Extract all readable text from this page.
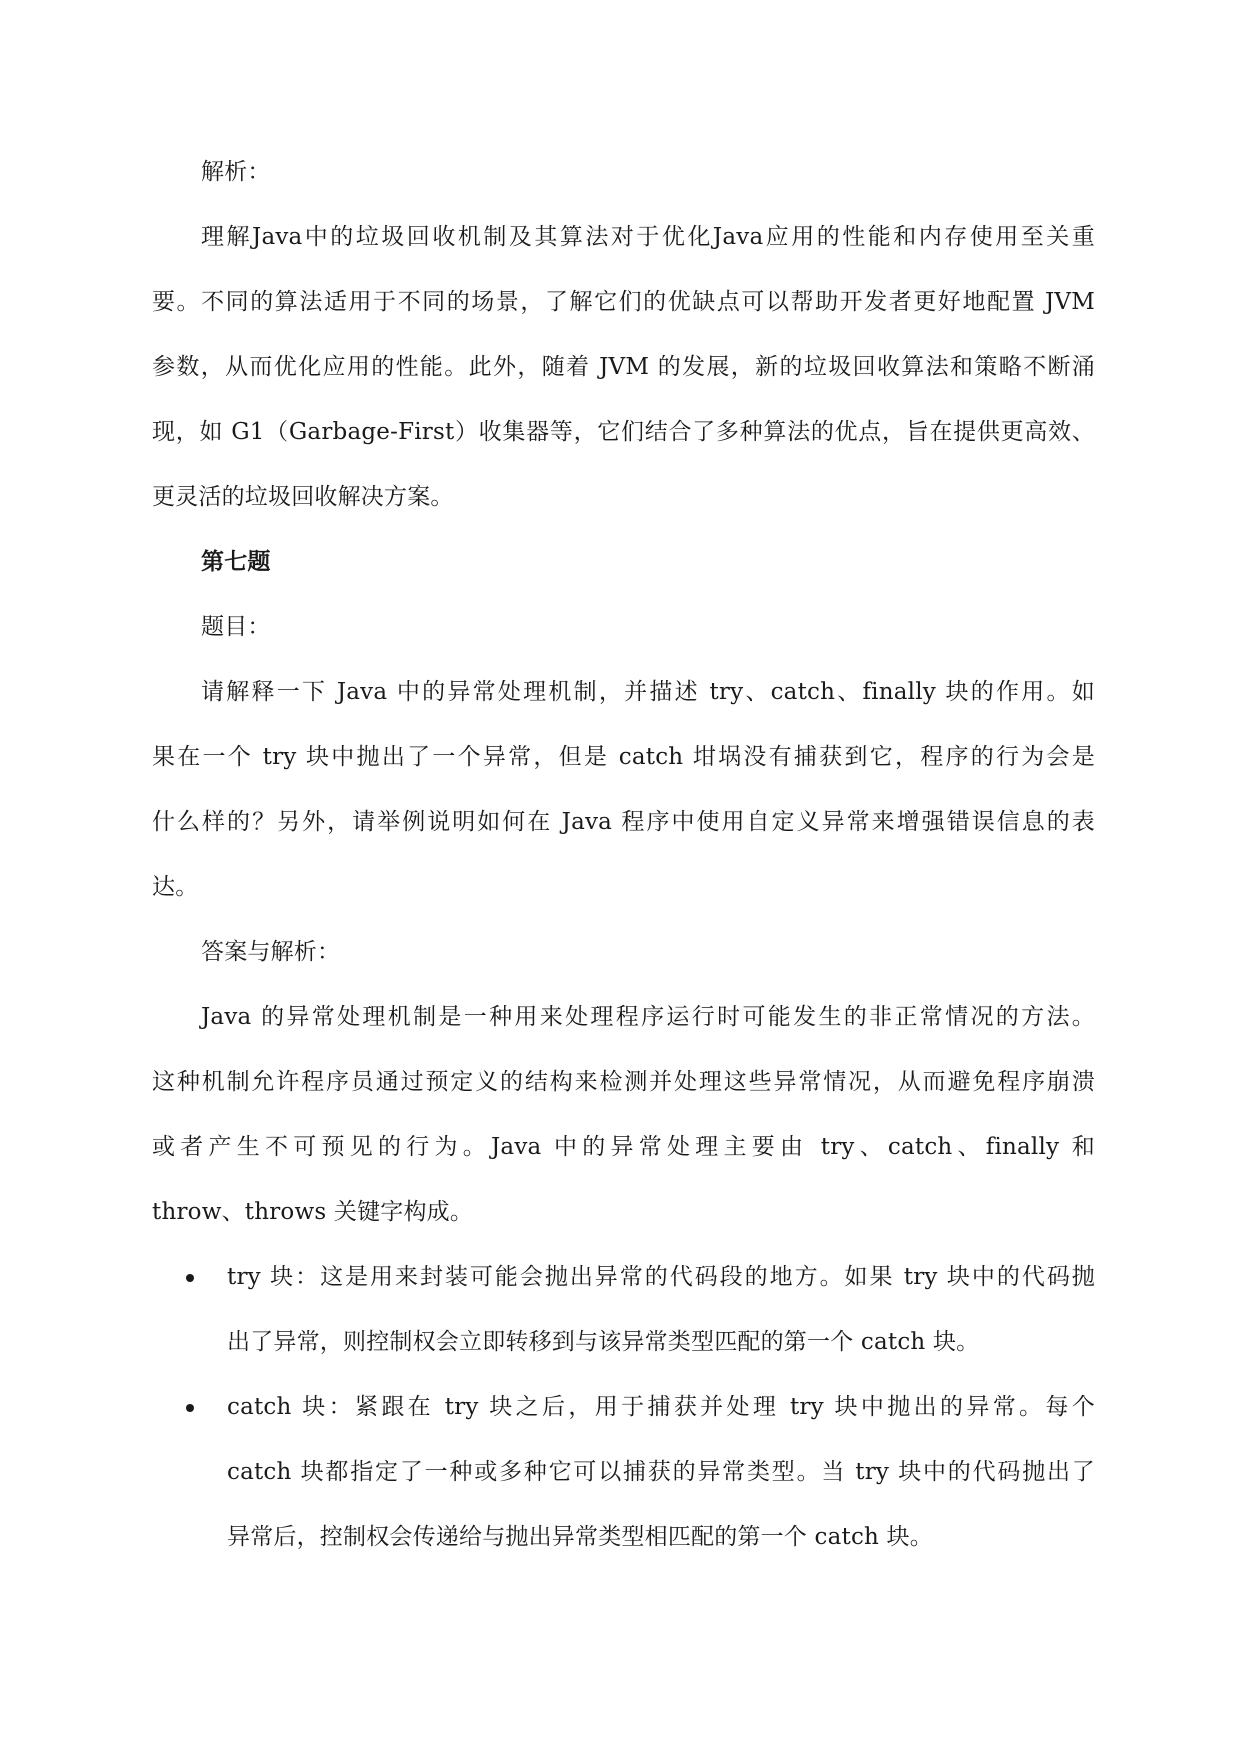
解析：
理解Java中的垃圾回收机制及其算法对于优化Java应用的性能和内存使用至关重
要。不同的算法适用于不同的场景，了解它们的优缺点可以帮助开发者更好地配置 JVM
参数，从而优化应用的性能。此外，随着 JVM 的发展，新的垃圾回收算法和策略不断涌
现，如 G1（Garbage-First）收集器等，它们结合了多种算法的优点，旨在提供更高效、
更灵活的垃圾回收解决方案。
第七题
题目：
请解释一下 Java 中的异常处理机制，并描述 try、catch、finally 块的作用。如
果在一个 try 块中抛出了一个异常，但是 catch 坩埚没有捕获到它，程序的行为会是
什么样的？另外，请举例说明如何在 Java 程序中使用自定义异常来增强错误信息的表
达。
答案与解析：
Java 的异常处理机制是一种用来处理程序运行时可能发生的非正常情况的方法。
这种机制允许程序员通过预定义的结构来检测并处理这些异常情况，从而避免程序崩溃
或者产生不可预见的行为。Java 中的异常处理主要由 try、catch、finally 和
throw、throws 关键字构成。
try 块：这是用来封装可能会抛出异常的代码段的地方。如果 try 块中的代码抛
出了异常，则控制权会立即转移到与该异常类型匹配的第一个 catch 块。
catch 块：紧跟在 try 块之后，用于捕获并处理 try 块中抛出的异常。每个
catch 块都指定了一种或多种它可以捕获的异常类型。当 try 块中的代码抛出了
异常后，控制权会传递给与抛出异常类型相匹配的第一个 catch 块。
